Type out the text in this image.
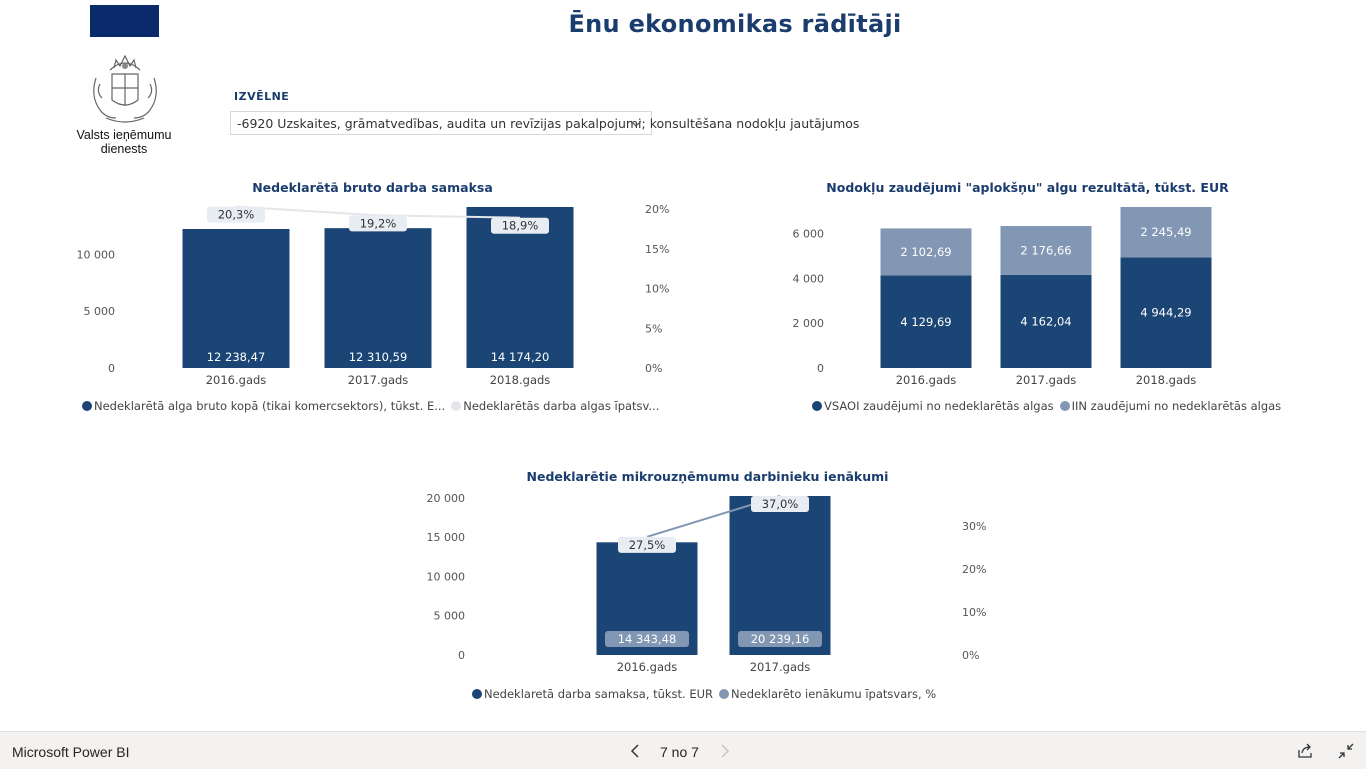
Valsts ieņēmumu
dienests
Ēnu ekonomikas rādītāji
IZVĒLNE
-6920 Uzskaites, grāmatvedības, audita un revīzijas pakalpojumi; konsultēšana nodokļu jautājumos
Nedeklarētā bruto darba samaksa
0
5 000
10 000
0%
5%
10%
15%
20%
12 238,47
2016.gads
12 310,59
2017.gads
14 174,20
2018.gads
20,3%
19,2%	18,9%
Nedeklarētā alga bruto kopā (tikai komercsektors), tūkst. E... Nedeklarētās darba algas īpatsv...
Nodokļu zaudējumi "aplokšņu" algu rezultātā, tūkst. EUR
0
2 000
4 000
6 000
4 129,69
2 102,69
2016.gads
4 162,04
2 176,66
2017.gads
4 944,29
2 245,49
2018.gads
VSAOI zaudējumi no nedeklarētās algas IIN zaudējumi no nedeklarētās algas
Nedeklarētie mikrouzņēmumu darbinieku ienākumi
0
5 000
10 000
15 000
20 000
0%
10%
20%
30%
14 343,48
2016.gads
20 239,16
2017.gads
27,5%
37,0%
Nedeklaretā darba samaksa, tūkst. EUR Nedeklarēto ienākumu īpatsvars, %
Microsoft Power BI	7 no 7
